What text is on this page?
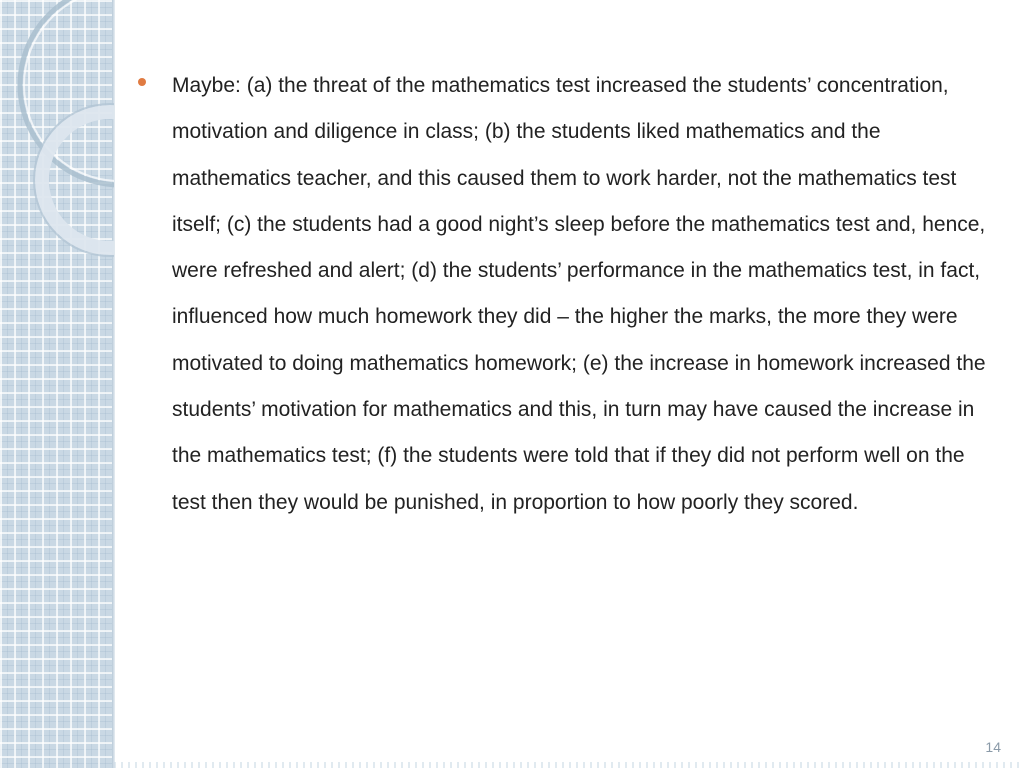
Maybe: (a) the threat of the mathematics test increased the students’ concentration, motivation and diligence in class; (b) the students liked mathematics and the mathematics teacher, and this caused them to work harder, not the mathematics test itself; (c) the students had a good night’s sleep before the mathematics test and, hence, were refreshed and alert; (d) the students’ performance in the mathematics test, in fact, influenced how much homework they did – the higher the marks, the more they were motivated to doing mathematics homework; (e) the increase in homework increased the students’ motivation for mathematics and this, in turn may have caused the increase in the mathematics test; (f) the students were told that if they did not perform well on the test then they would be punished, in proportion to how poorly they scored.

14
